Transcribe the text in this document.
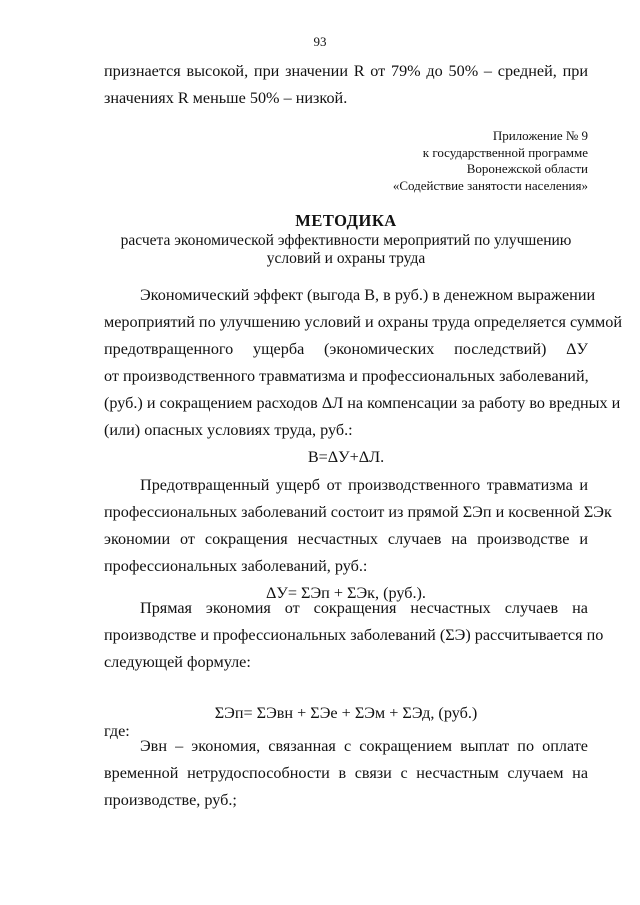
93
признается высокой, при значении R от 79% до 50% – средней, при
значениях R меньше 50% – низкой.
Приложение № 9
к государственной программе
Воронежской области
«Содействие занятости населения»
МЕТОДИКА
расчета экономической эффективности мероприятий по улучшению
условий и охраны труда
Экономический эффект (выгода В, в руб.) в денежном выражении
мероприятий по улучшению условий и охраны труда определяется суммой
предотвращенного ущерба (экономических последствий) ΔУ
от производственного травматизма и профессиональных заболеваний,
(руб.) и сокращением расходов ΔЛ на компенсации за работу во вредных и
(или) опасных условиях труда, руб.:
В=ΔУ+ΔЛ.
Предотвращенный ущерб от производственного травматизма и
профессиональных заболеваний состоит из прямой ΣЭп и косвенной ΣЭк
экономии от сокращения несчастных случаев на производстве и
профессиональных заболеваний, руб.:
ΔУ= ΣЭп + ΣЭк, (руб.).
Прямая экономия от сокращения несчастных случаев на
производстве и профессиональных заболеваний (ΣЭ) рассчитывается по
следующей формуле:
ΣЭп= ΣЭвн + ΣЭе + ΣЭм + ΣЭд, (руб.)
где:
Эвн – экономия, связанная с сокращением выплат по оплате
временной нетрудоспособности в связи с несчастным случаем на
производстве, руб.;
